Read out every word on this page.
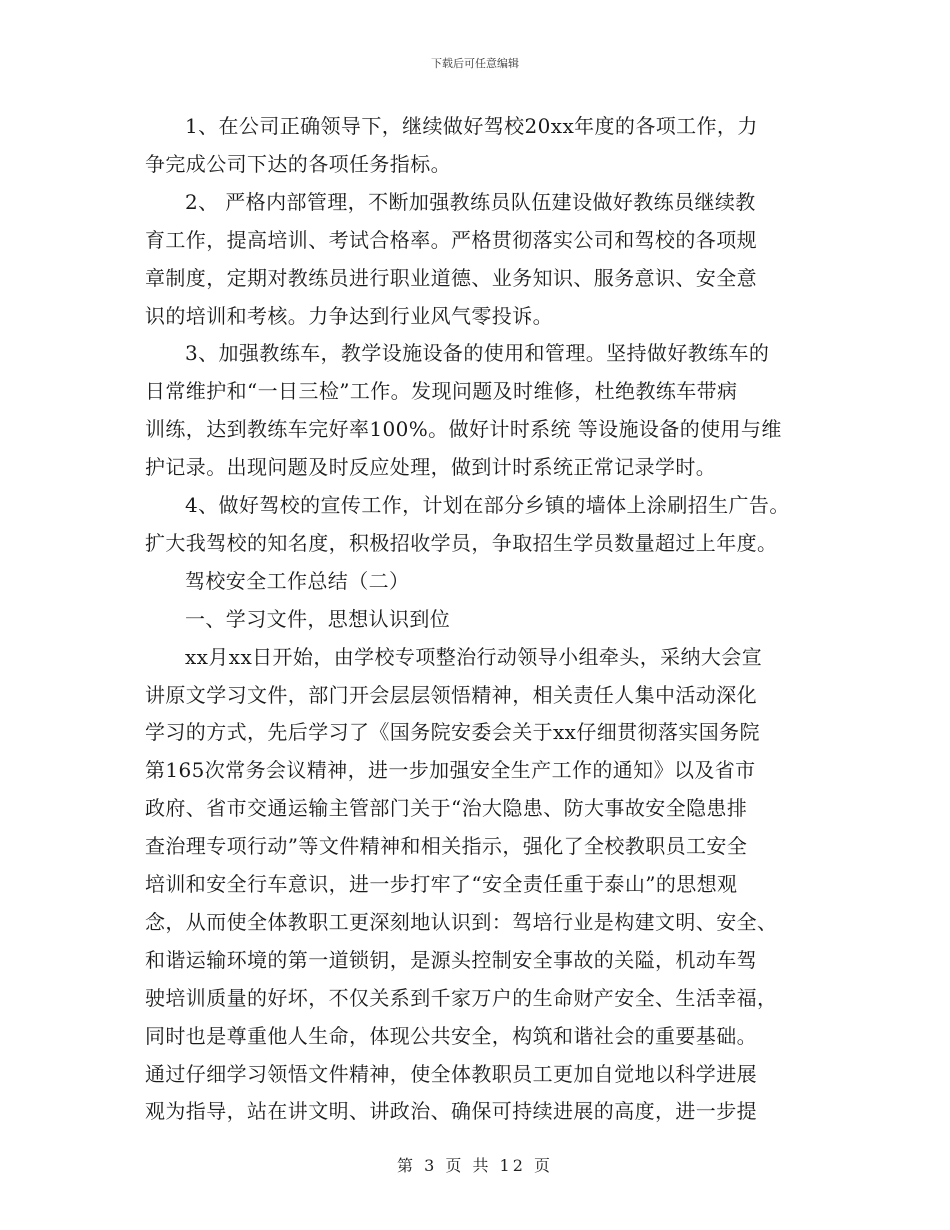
下载后可任意编辑
1、在公司正确领导下，继续做好驾校20xx年度的各项工作，力
争完成公司下达的各项任务指标。
2、 严格内部管理，不断加强教练员队伍建设做好教练员继续教
育工作，提高培训、考试合格率。严格贯彻落实公司和驾校的各项规
章制度，定期对教练员进行职业道德、业务知识、服务意识、安全意
识的培训和考核。力争达到行业风气零投诉。
3、加强教练车，教学设施设备的使用和管理。坚持做好教练车的
日常维护和“一日三检”工作。发现问题及时维修，杜绝教练车带病
训练，达到教练车完好率100%。做好计时系统 等设施设备的使用与维
护记录。出现问题及时反应处理，做到计时系统正常记录学时。
4、做好驾校的宣传工作，计划在部分乡镇的墙体上涂刷招生广告。
扩大我驾校的知名度，积极招收学员，争取招生学员数量超过上年度。
驾校安全工作总结（二）
一、学习文件，思想认识到位
xx月xx日开始，由学校专项整治行动领导小组牵头，采纳大会宣
讲原文学习文件，部门开会层层领悟精神，相关责任人集中活动深化
学习的方式，先后学习了《国务院安委会关于xx仔细贯彻落实国务院
第165次常务会议精神，进一步加强安全生产工作的通知》以及省市
政府、省市交通运输主管部门关于“治大隐患、防大事故安全隐患排
查治理专项行动”等文件精神和相关指示，强化了全校教职员工安全
培训和安全行车意识，进一步打牢了“安全责任重于泰山”的思想观
念，从而使全体教职工更深刻地认识到：驾培行业是构建文明、安全、
和谐运输环境的第一道锁钥，是源头控制安全事故的关隘，机动车驾
驶培训质量的好坏，不仅关系到千家万户的生命财产安全、生活幸福，
同时也是尊重他人生命，体现公共安全，构筑和谐社会的重要基础。
通过仔细学习领悟文件精神，使全体教职员工更加自觉地以科学进展
观为指导，站在讲文明、讲政治、确保可持续进展的高度，进一步提
第 3 页 共 12 页
